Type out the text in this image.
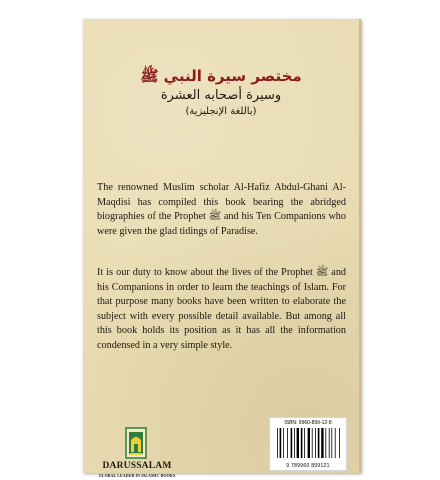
مختصر سيرة النبي ﷺ
وسيرة أصحابه العشرة
(باللغة الإنجليزية)
The renowned Muslim scholar Al-Hafiz Abdul-Ghani Al-Maqdisi has compiled this book bearing the abridged biographies of the Prophet ﷺ and his Ten Companions who were given the glad tidings of Paradise.
It is our duty to know about the lives of the Prophet ﷺ and his Companions in order to learn the teachings of Islam. For that purpose many books have been written to elaborate the subject with every possible detail available. But among all this book holds its position as it has all the information condensed in a very simple style.
DARUSSALAM
GLOBAL LEADER IN ISLAMIC BOOKS
ISBN: 9960-899-12-8
9 789960 899121
